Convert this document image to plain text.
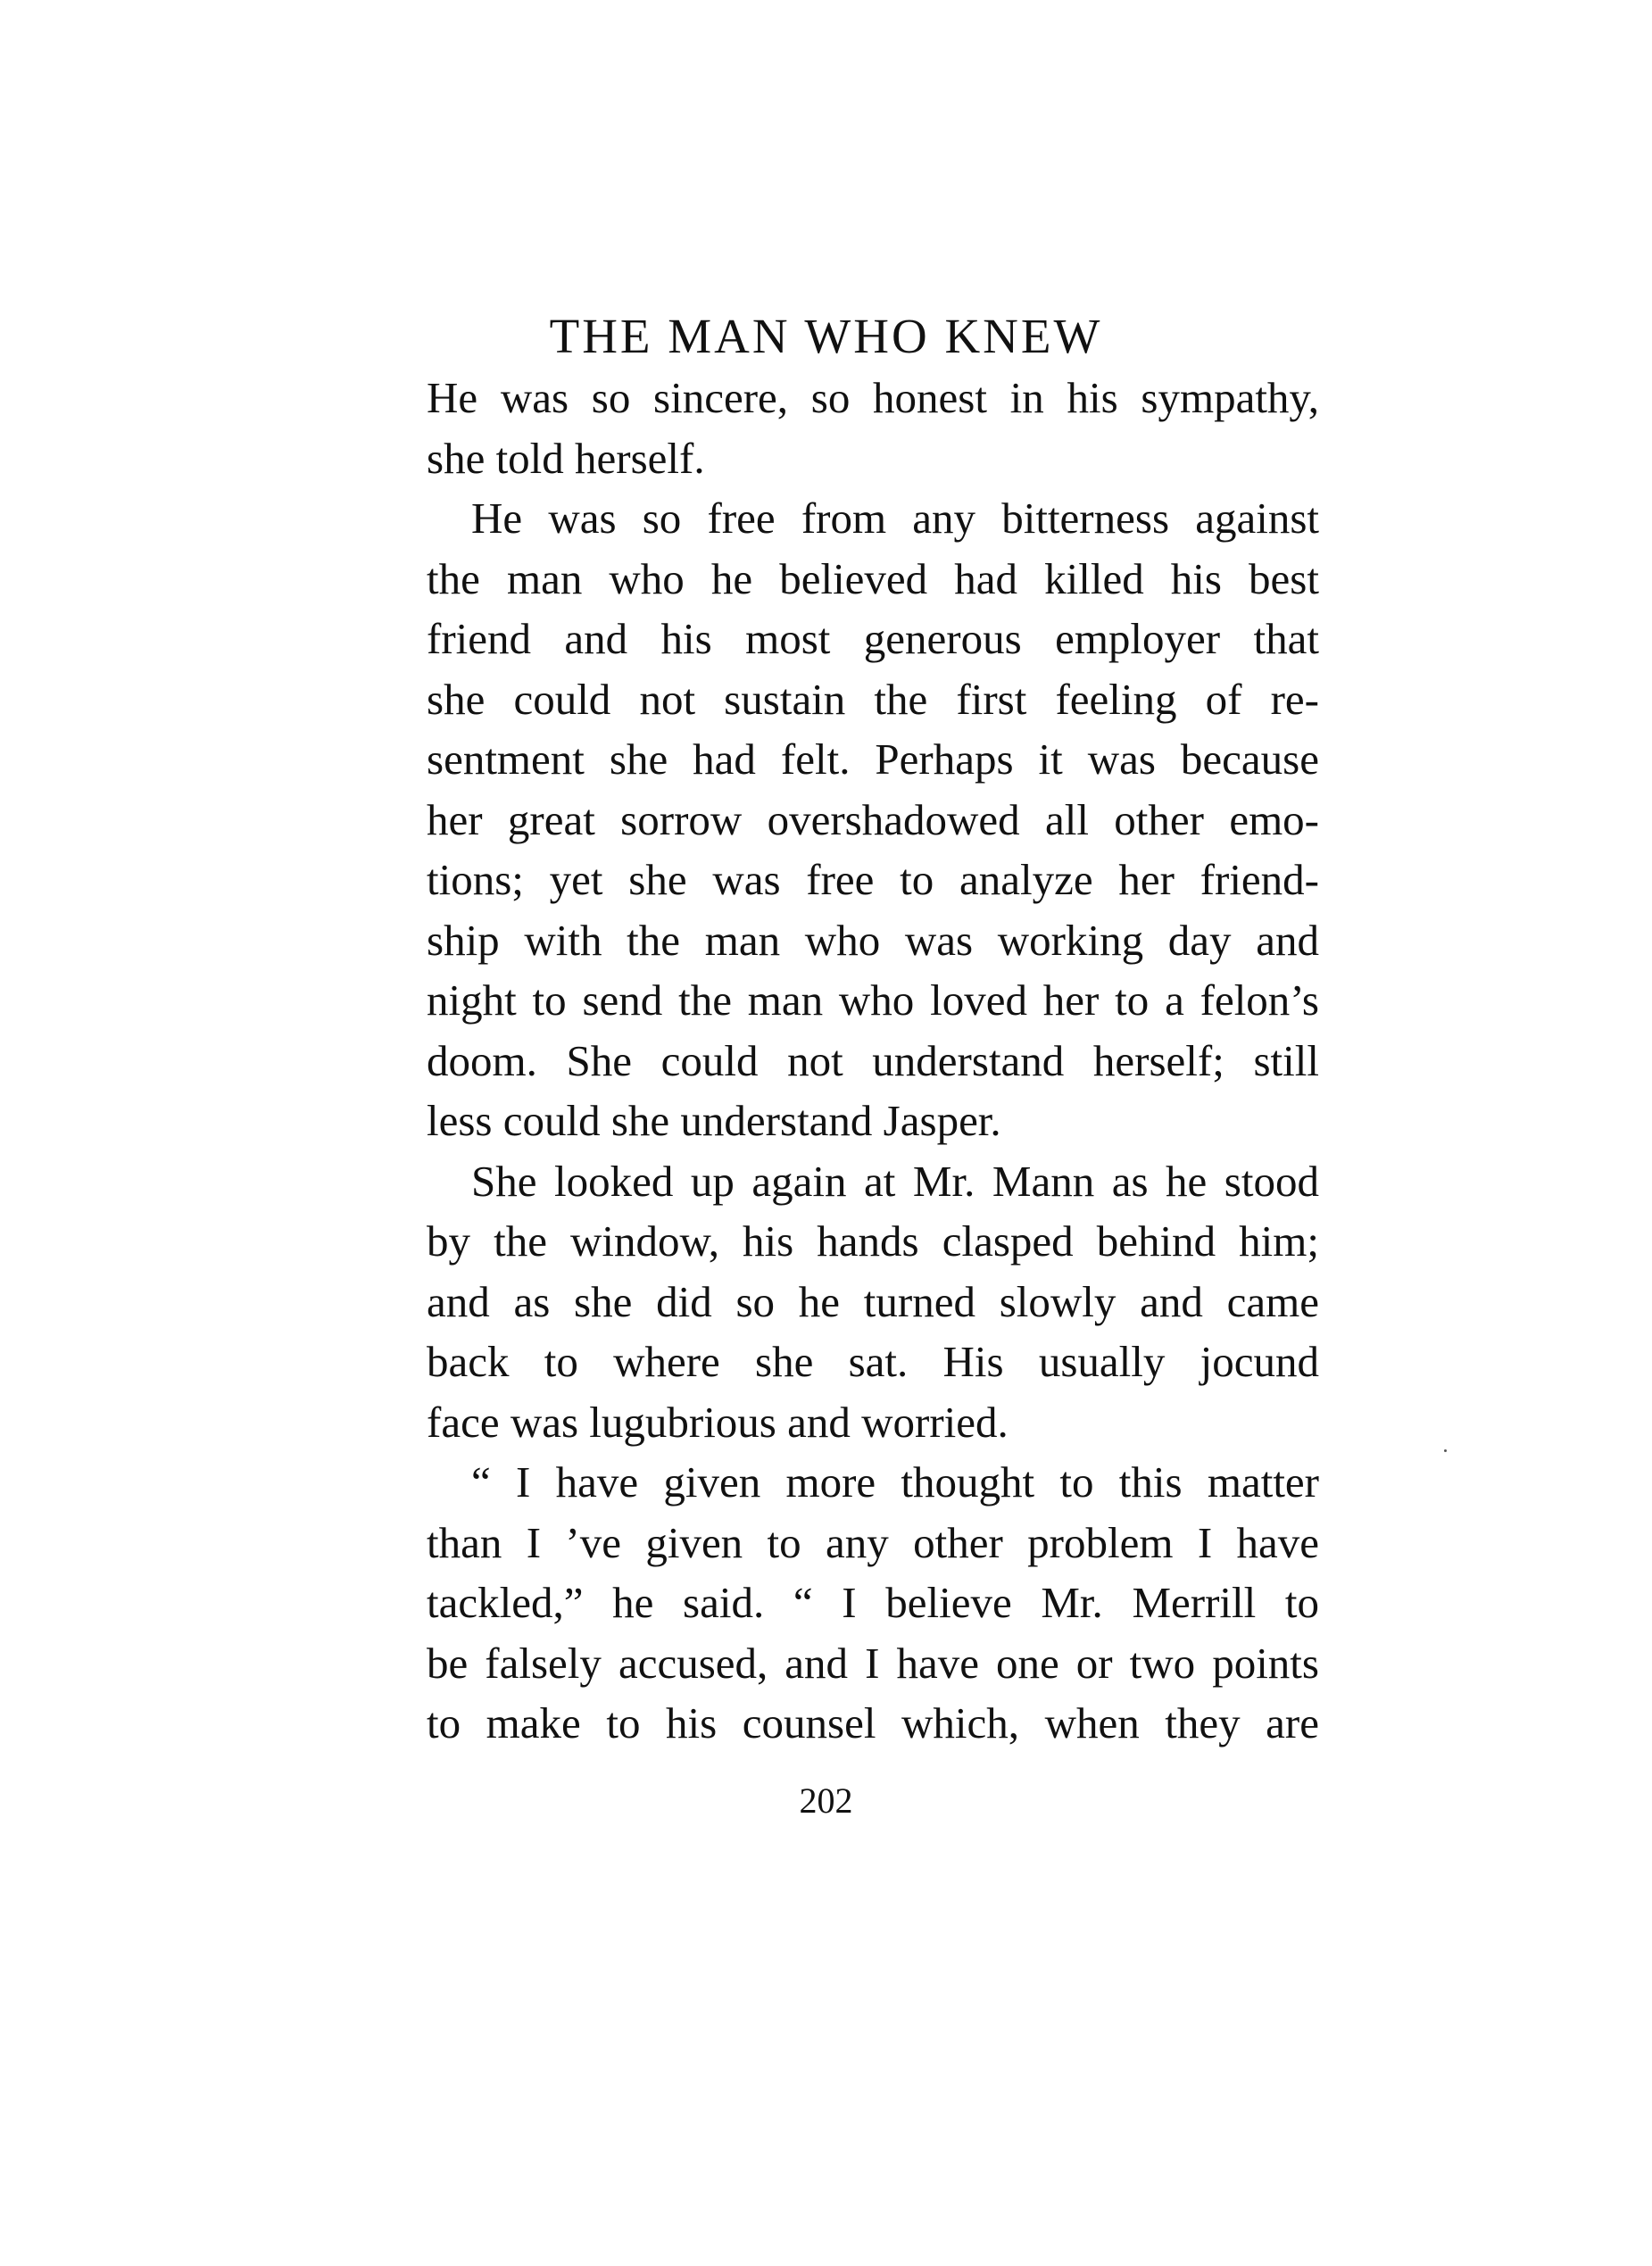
THE MAN WHO KNEW
He was so sincere, so honest in his sympathy,
she told herself.
He was so free from any bitterness against
the man who he believed had killed his best
friend and his most generous employer that
she could not sustain the first feeling of re-
sentment she had felt. Perhaps it was because
her great sorrow overshadowed all other emo-
tions; yet she was free to analyze her friend-
ship with the man who was working day and
night to send the man who loved her to a felon’s
doom. She could not understand herself; still
less could she understand Jasper.
She looked up again at Mr. Mann as he stood
by the window, his hands clasped behind him;
and as she did so he turned slowly and came
back to where she sat. His usually jocund
face was lugubrious and worried.
“ I have given more thought to this matter
than I ’ve given to any other problem I have
tackled,” he said. “ I believe Mr. Merrill to
be falsely accused, and I have one or two points
to make to his counsel which, when they are
202
